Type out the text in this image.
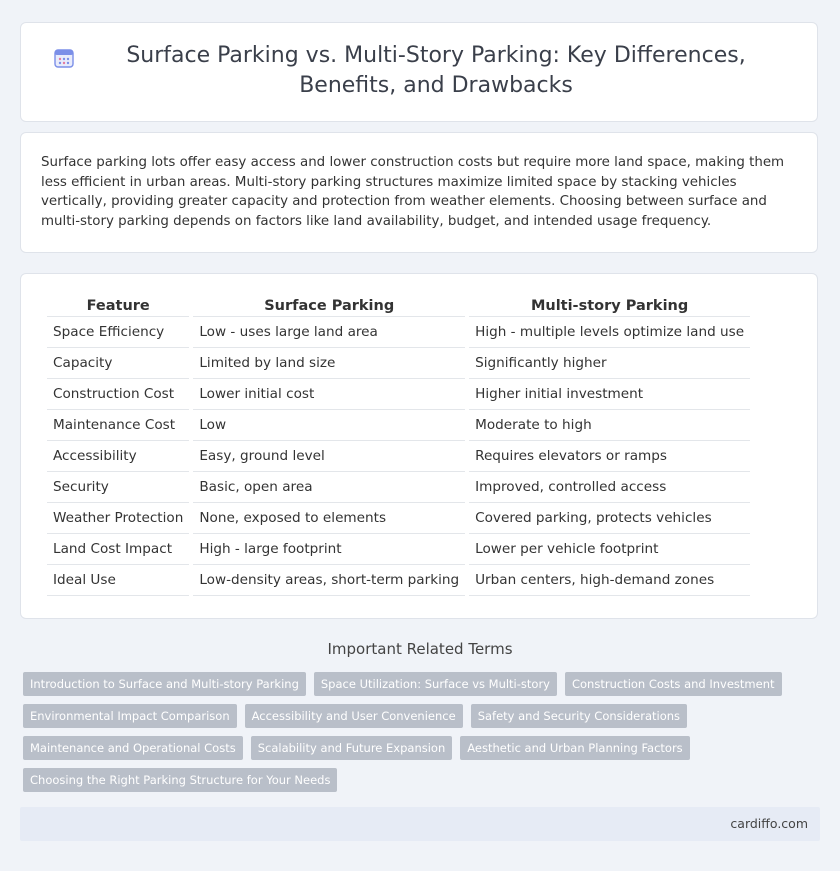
Surface Parking vs. Multi-Story Parking: Key Differences, Benefits, and Drawbacks

Surface parking lots offer easy access and lower construction costs but require more land space, making them less efficient in urban areas. Multi-story parking structures maximize limited space by stacking vehicles vertically, providing greater capacity and protection from weather elements. Choosing between surface and multi-story parking depends on factors like land availability, budget, and intended usage frequency.

Feature	Surface Parking	Multi-story Parking
Space Efficiency	Low - uses large land area	High - multiple levels optimize land use
Capacity	Limited by land size	Significantly higher
Construction Cost	Lower initial cost	Higher initial investment
Maintenance Cost	Low	Moderate to high
Accessibility	Easy, ground level	Requires elevators or ramps
Security	Basic, open area	Improved, controlled access
Weather Protection	None, exposed to elements	Covered parking, protects vehicles
Land Cost Impact	High - large footprint	Lower per vehicle footprint
Ideal Use	Low-density areas, short-term parking	Urban centers, high-demand zones
Important Related Terms
Introduction to Surface and Multi-story Parking	Space Utilization: Surface vs Multi-story	Construction Costs and Investment
Environmental Impact Comparison	Accessibility and User Convenience	Safety and Security Considerations
Maintenance and Operational Costs	Scalability and Future Expansion	Aesthetic and Urban Planning Factors
Choosing the Right Parking Structure for Your Needs
cardiffo.com
